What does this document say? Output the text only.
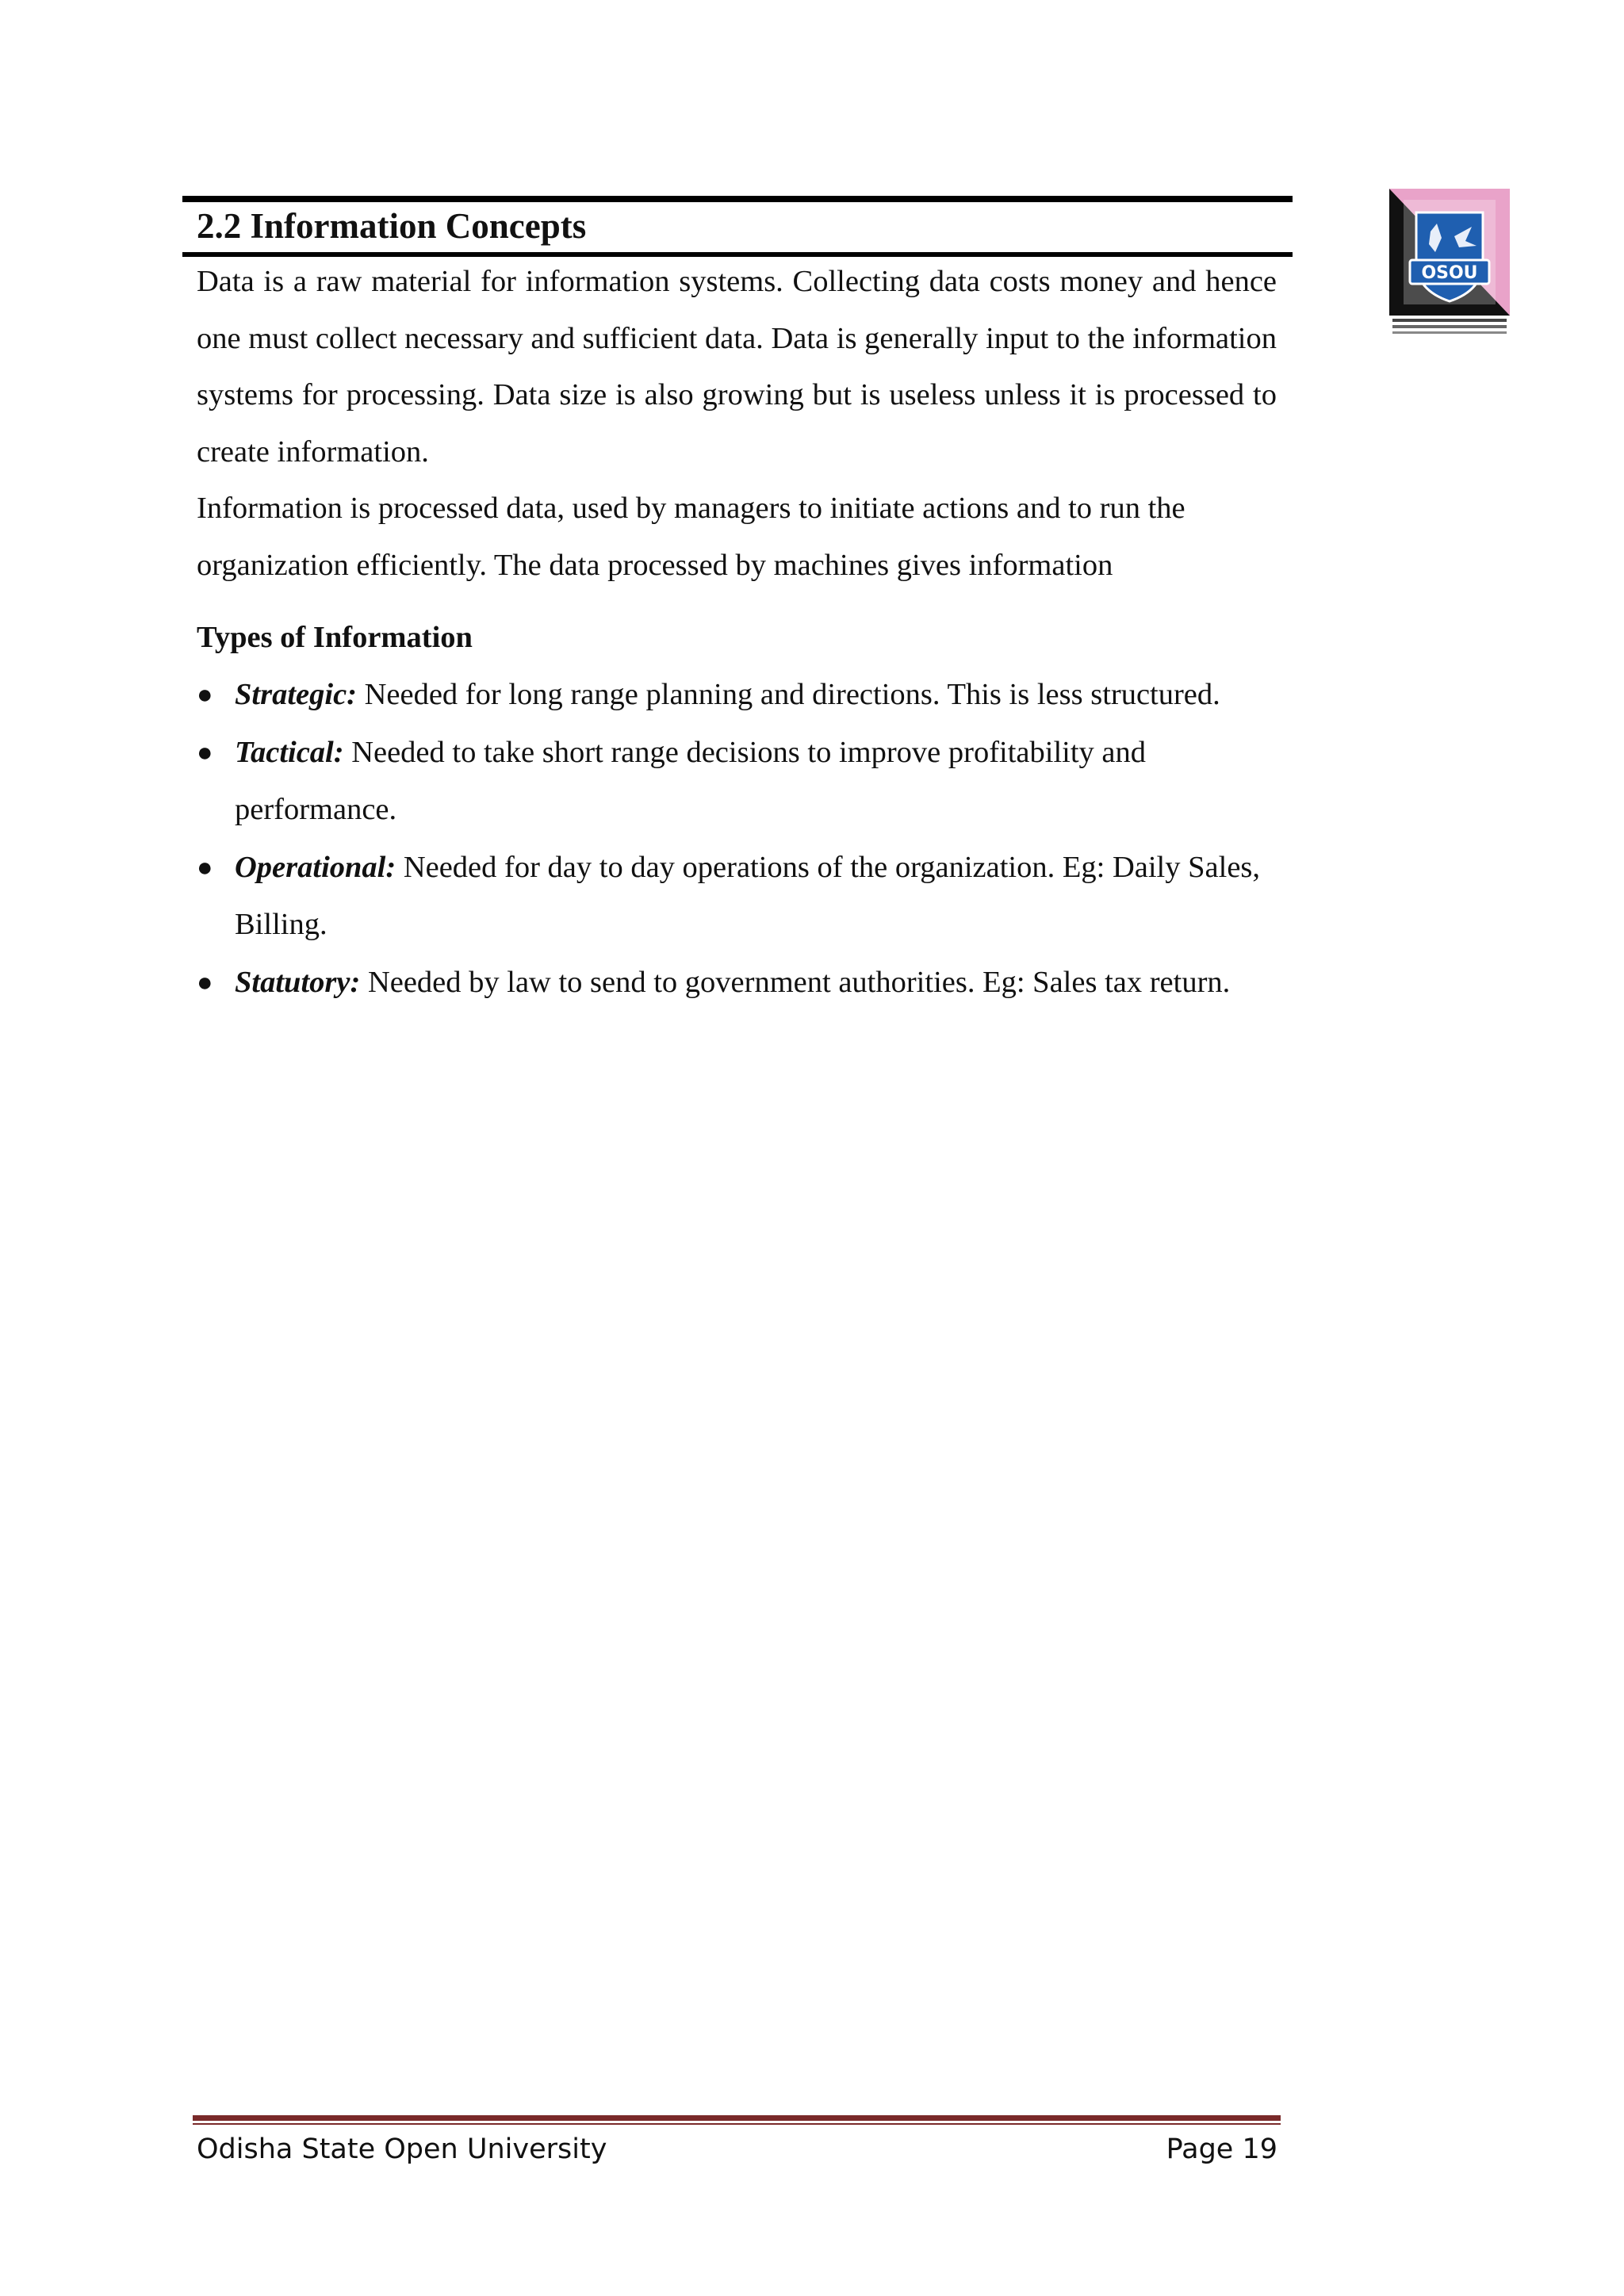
2.2 Information Concepts
OSOU

Data is a raw material for information systems. Collecting data costs money and hence one must collect necessary and sufficient data. Data is generally input to the information systems for processing. Data size is also growing but is useless unless it is processed to create information.

Information is processed data, used by managers to initiate actions and to run the organization efficiently. The data processed by machines gives information

Types of Information

● Strategic: Needed for long range planning and directions. This is less structured.
● Tactical: Needed to take short range decisions to improve profitability and performance.
● Operational: Needed for day to day operations of the organization. Eg: Daily Sales, Billing.
● Statutory: Needed by law to send to government authorities. Eg: Sales tax return.
Odisha State Open University	Page 19
